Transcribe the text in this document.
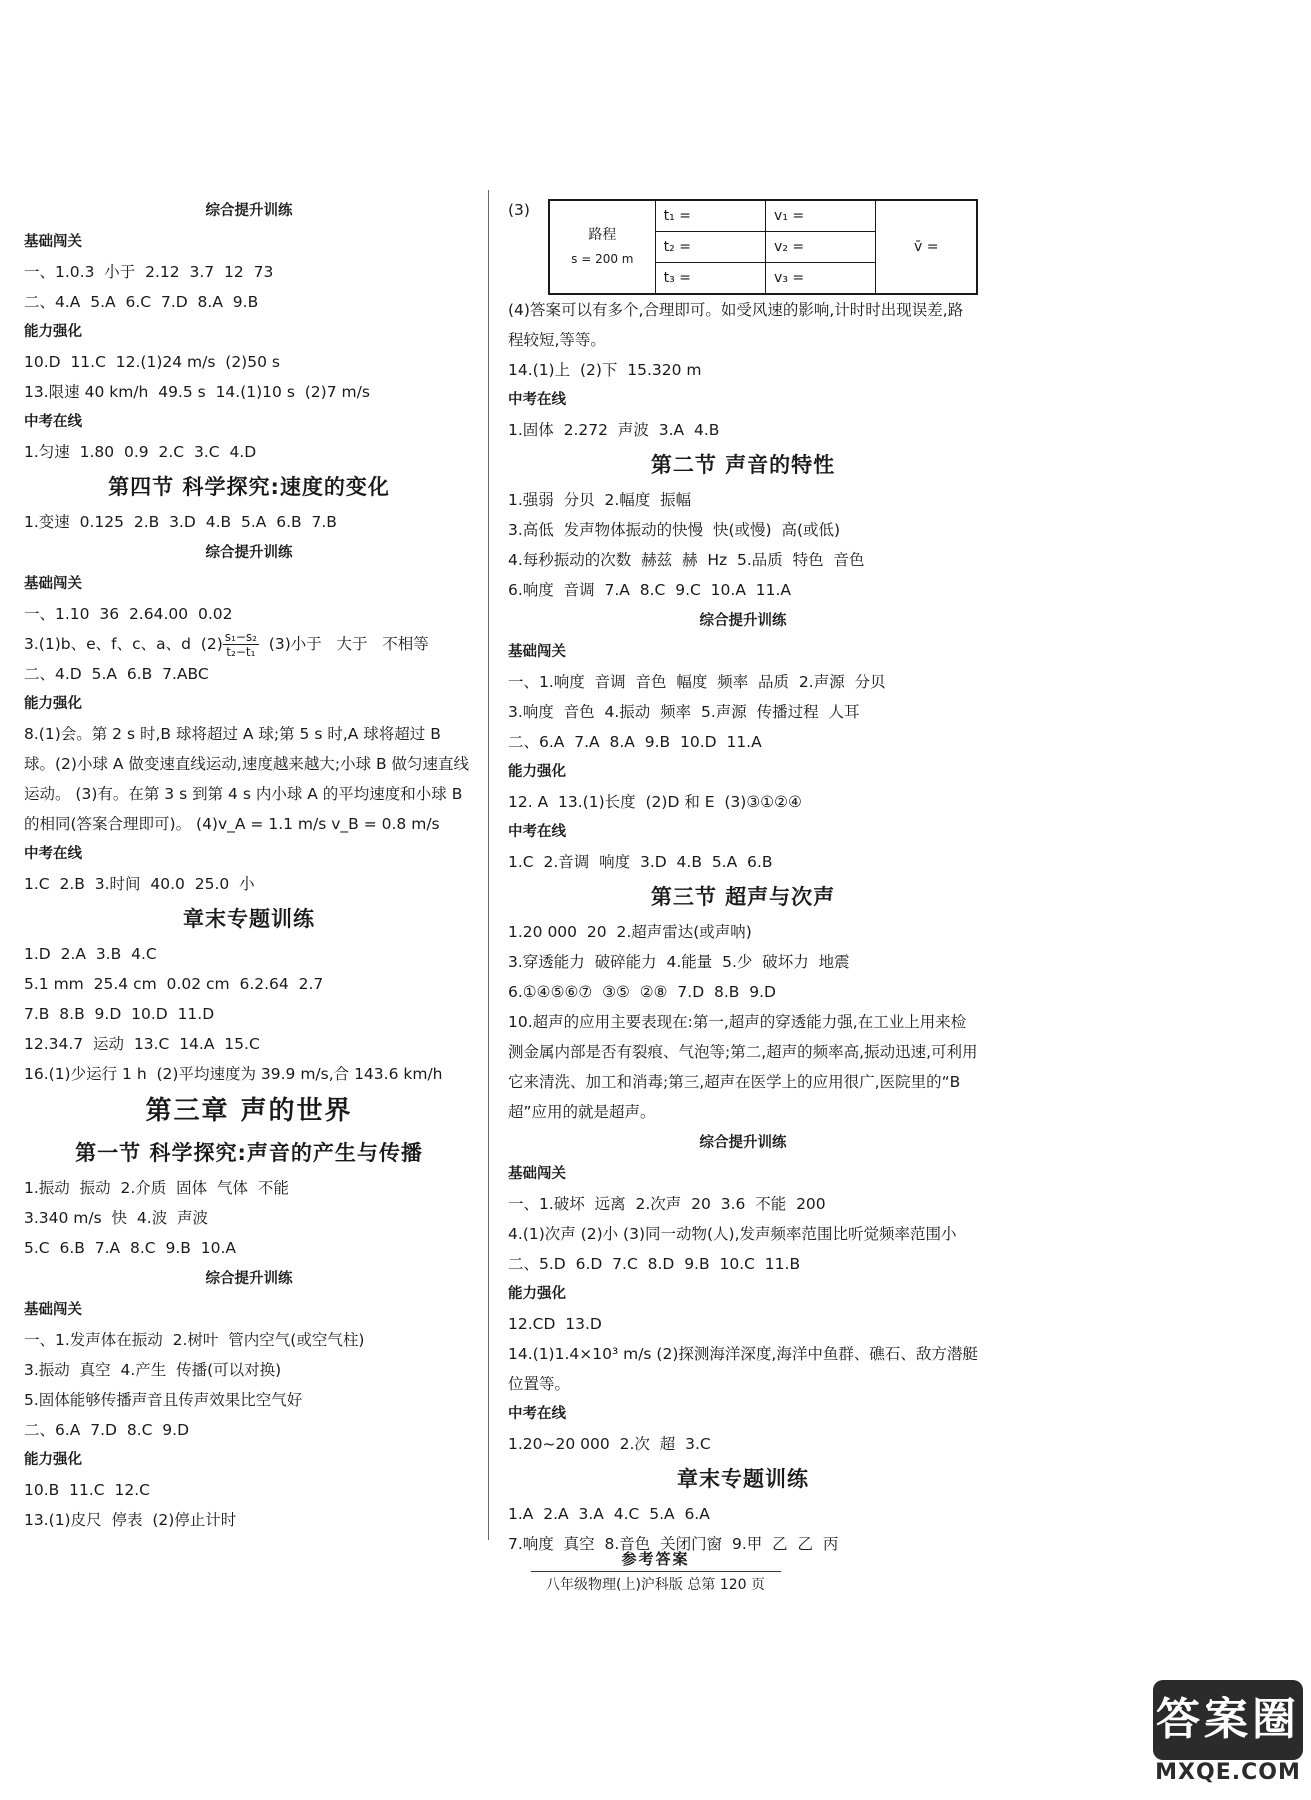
综合提升训练
基础闯关
一、1.0.3  小于  2.12  3.7  12  73
二、4.A  5.A  6.C  7.D  8.A  9.B
能力强化
10.D  11.C  12.(1)24 m/s  (2)50 s
13.限速 40 km/h  49.5 s  14.(1)10 s  (2)7 m/s
中考在线
1.匀速  1.80  0.9  2.C  3.C  4.D
第四节 科学探究:速度的变化
1.变速  0.125  2.B  3.D  4.B  5.A  6.B  7.B
综合提升训练
基础闯关
一、1.10  36  2.64.00  0.02
3.(1)b、e、f、c、a、d  $(2) \frac{\text{s₁−s₂}}{\text{t₂−t₁}} (3)$小于   大于   不相等
二、4.D  5.A  6.B  7.ABC
能力强化
8.(1)会。第 2 s 时,B 球将超过 A 球;第 5 s 时,A 球将超过 B 球。(2)小球 A 做变速直线运动,速度越来越大;小球 B 做匀速直线运动。 (3)有。在第 3 s 到第 4 s 内小球 A 的平均速度和小球 B 的相同(答案合理即可)。 (4)v_A = 1.1 m/s v_B = 0.8 m/s
中考在线
1.C  2.B  3.时间  40.0  25.0  小
章末专题训练
1.D  2.A  3.B  4.C
5.1 mm  25.4 cm  0.02 cm  6.2.64  2.7
7.B  8.B  9.D  10.D  11.D
12.34.7  运动  13.C  14.A  15.C
16.(1)少运行 1 h  (2)平均速度为 39.9 m/s,合 143.6 km/h
第三章 声的世界
第一节 科学探究:声音的产生与传播
1.振动  振动  2.介质  固体  气体  不能
3.340 m/s  快  4.波  声波
5.C  6.B  7.A  8.C  9.B  10.A
综合提升训练
基础闯关
一、1.发声体在振动  2.树叶  管内空气(或空气柱)
3.振动  真空  4.产生  传播(可以对换)
5.固体能够传播声音且传声效果比空气好
二、6.A  7.D  8.C  9.D
能力强化
10.B  11.C  12.C
13.(1)皮尺  停表  (2)停止计时
(3)
路程
s = 200 m	t₁ =	v₁ =	v̄ =
	t₂ =	v₂ =	
	t₃ =	v₃ =	
(4)答案可以有多个,合理即可。如受风速的影响,计时时出现误差,路程较短,等等。
14.(1)上  (2)下  15.320 m
中考在线
1.固体  2.272  声波  3.A  4.B
第二节 声音的特性
1.强弱  分贝  2.幅度  振幅
3.高低  发声物体振动的快慢  快(或慢)  高(或低)
4.每秒振动的次数  赫兹  赫  Hz  5.品质  特色  音色
6.响度  音调  7.A  8.C  9.C  10.A  11.A
综合提升训练
基础闯关
一、1.响度  音调  音色  幅度  频率  品质  2.声源  分贝
3.响度  音色  4.振动  频率  5.声源  传播过程  人耳
二、6.A  7.A  8.A  9.B  10.D  11.A
能力强化
12. A  13.(1)长度  (2)D 和 E  (3)③①②④
中考在线
1.C  2.音调  响度  3.D  4.B  5.A  6.B
第三节 超声与次声
1.20 000  20  2.超声雷达(或声呐)
3.穿透能力  破碎能力  4.能量  5.少  破坏力  地震
6.①④⑤⑥⑦  ③⑤  ②⑧  7.D  8.B  9.D
10.超声的应用主要表现在:第一,超声的穿透能力强,在工业上用来检测金属内部是否有裂痕、气泡等;第二,超声的频率高,振动迅速,可利用它来清洗、加工和消毒;第三,超声在医学上的应用很广,医院里的“B超”应用的就是超声。
综合提升训练
基础闯关
一、1.破坏  远离  2.次声  20  3.6  不能  200
4.(1)次声 (2)小 (3)同一动物(人),发声频率范围比听觉频率范围小
二、5.D  6.D  7.C  8.D  9.B  10.C  11.B
能力强化
12.CD  13.D
14.(1)1.4×10³ m/s (2)探测海洋深度,海洋中鱼群、礁石、敌方潜艇位置等。
中考在线
1.20~20 000  2.次  超  3.C
章末专题训练
1.A  2.A  3.A  4.C  5.A  6.A
7.响度  真空  8.音色  关闭门窗  9.甲  乙  乙  丙
参考答案
八年级物理(上)沪科版 总第 120 页
答案圈
MXQE.COM
